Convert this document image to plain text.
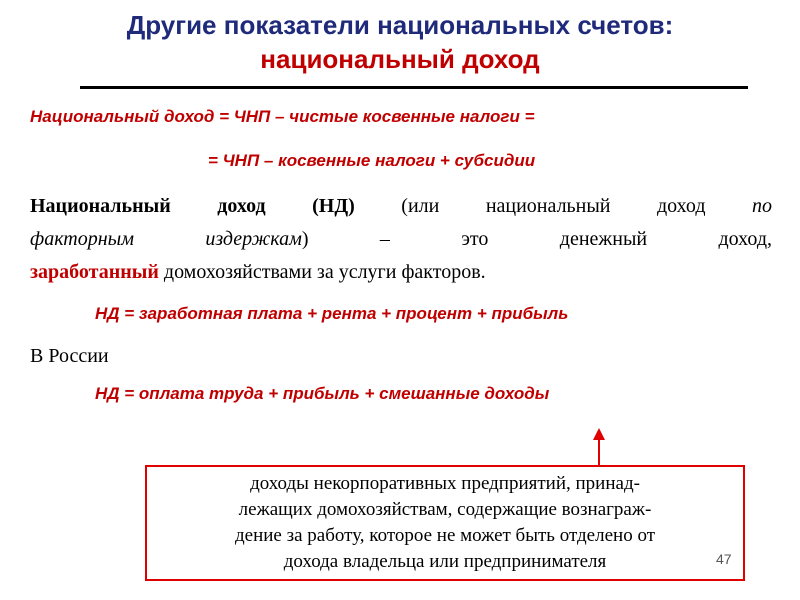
Другие показатели национальных счетов:
национальный доход
Национальный доход = ЧНП – чистые косвенные налоги =
= ЧНП – косвенные налоги + субсидии
Национальный доход (НД) (или национальный доход по
факторным издержкам) – это денежный доход,
заработанный домохозяйствами за услуги факторов.
НД = заработная плата + рента + процент + прибыль
В России
НД = оплата труда + прибыль + смешанные доходы
доходы некорпоративных предприятий, принад-
лежащих домохозяйствам, содержащие вознаграж-
дение за работу, которое не может быть отделено от
дохода владельца или предпринимателя	47
